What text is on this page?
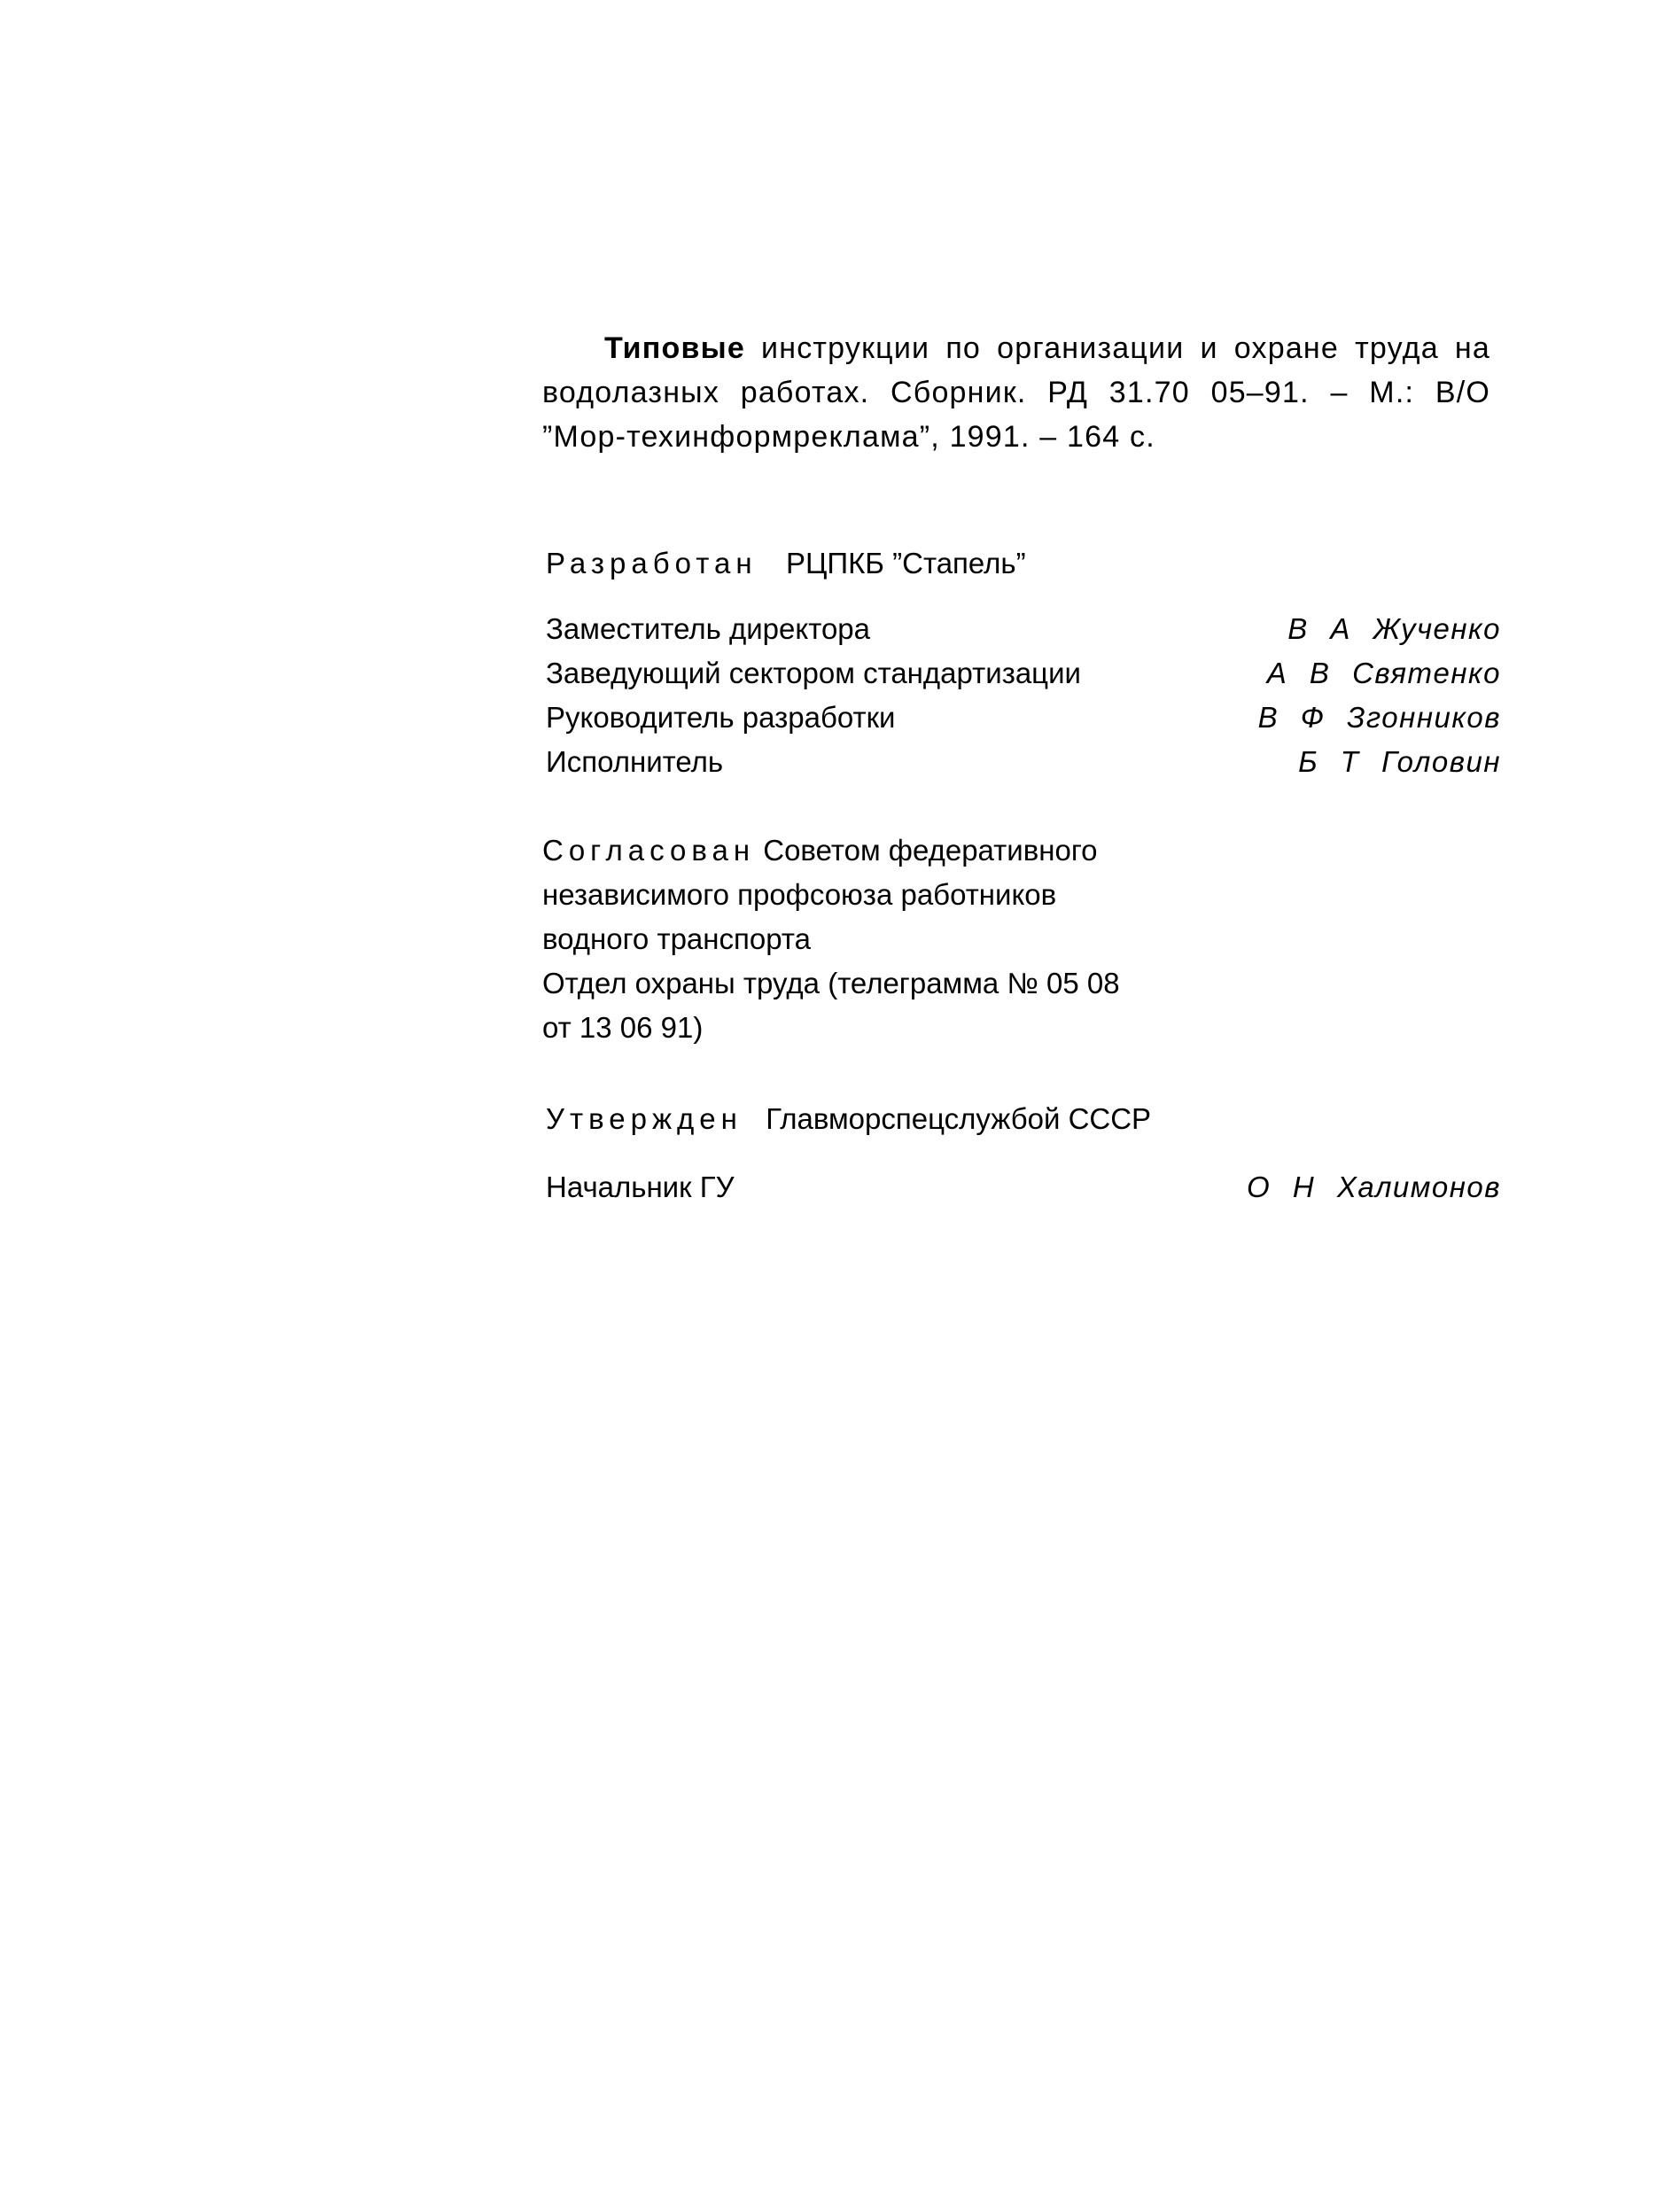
Типовые инструкции по организации и охране труда на водолазных работах. Сборник. РД 31.70 05–91. – М.: В/О ”Мор-техинформреклама”, 1991. – 164 с.
Разработан РЦПКБ ”Стапель”
Заместитель директора	В А Жученко
Заведующий сектором стандартизации	А В Святенко
Руководитель разработки	В Ф Згонников
Исполнитель	Б Т Головин
Согласован Советом федеративного
независимого профсоюза работников
водного транспорта
Отдел охраны труда (телеграмма № 05 08
от 13 06 91)
Утвержден Главморспецслужбой СССР
Начальник ГУ	О Н Халимонов
